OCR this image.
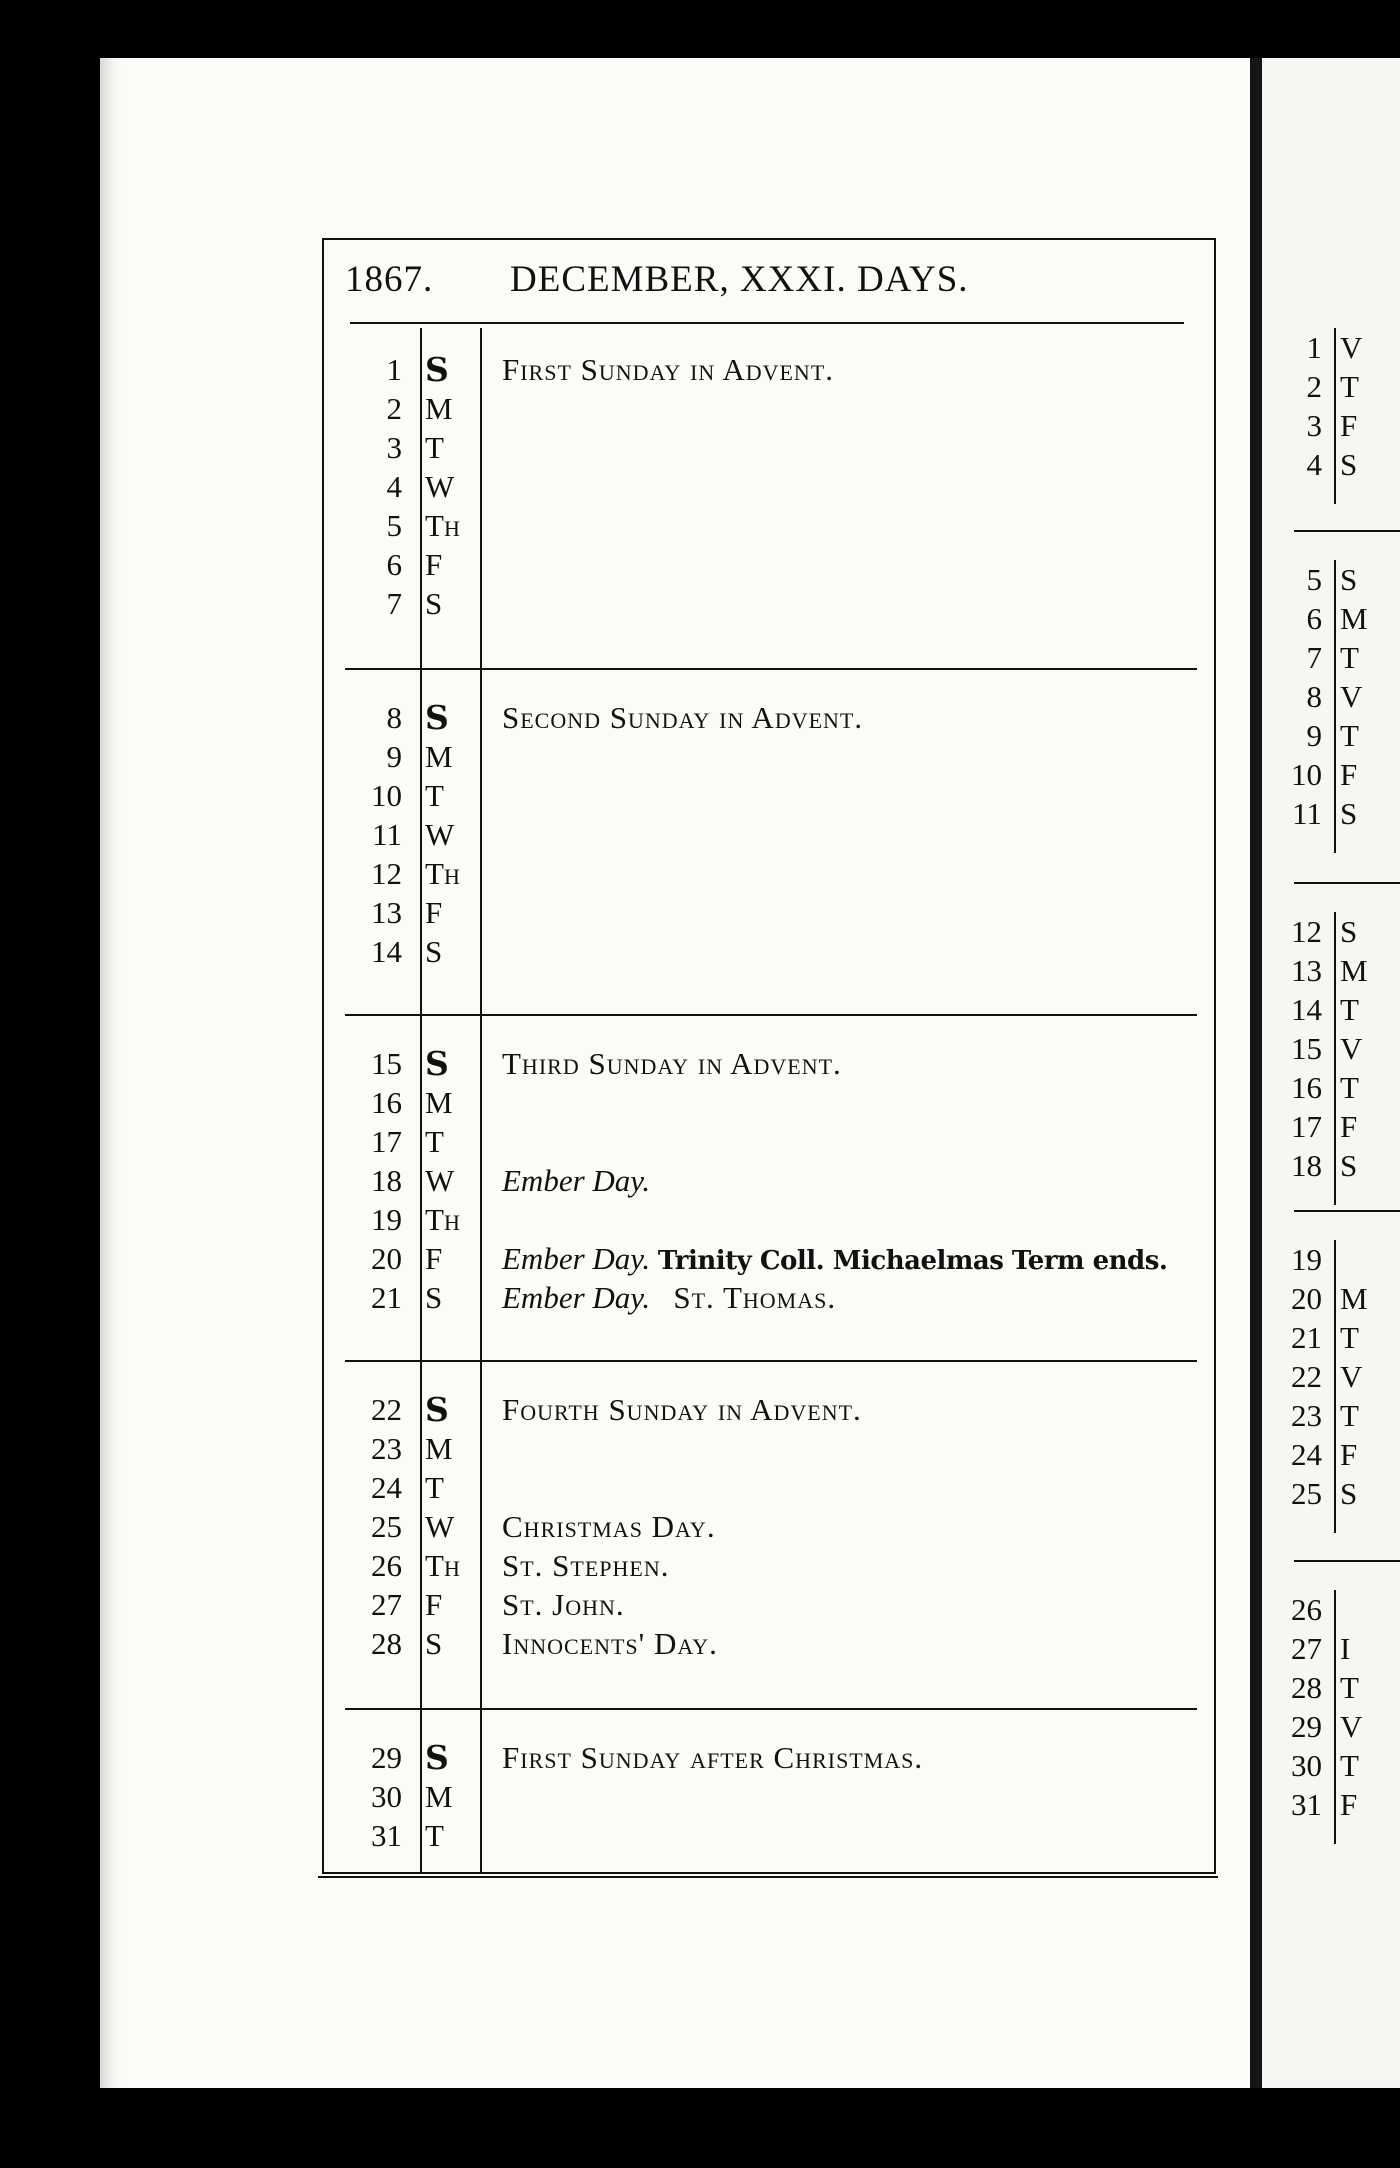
1 V
2 T
3 F
4 S
5 S
6 M
7 T
8 V
9 T
10 F
11 S
12 S
13 M
14 T
15 V
16 T
17 F
18 S
19
20 M
21 T
22 V
23 T
24 F
25 S
26
27 I
28 T
29 V
30 T
31 F
1867. DECEMBER, XXXI. DAYS.
1 S First Sunday in Advent.
2 M
3 T
4 W
5 TH
6 F
7 S
8 S Second Sunday in Advent.
9 M
10 T
11 W
12 TH
13 F
14 S
15 S Third Sunday in Advent.
16 M
17 T
18 W Ember Day.
19 TH
20 F Ember Day. Trinity Coll. Michaelmas Term ends.
21 S Ember Day. St. Thomas.
22 S Fourth Sunday in Advent.
23 M
24 T
25 W Christmas Day.
26 TH St. Stephen.
27 F St. John.
28 S Innocents' Day.
29 S First Sunday after Christmas.
30 M
31 T
